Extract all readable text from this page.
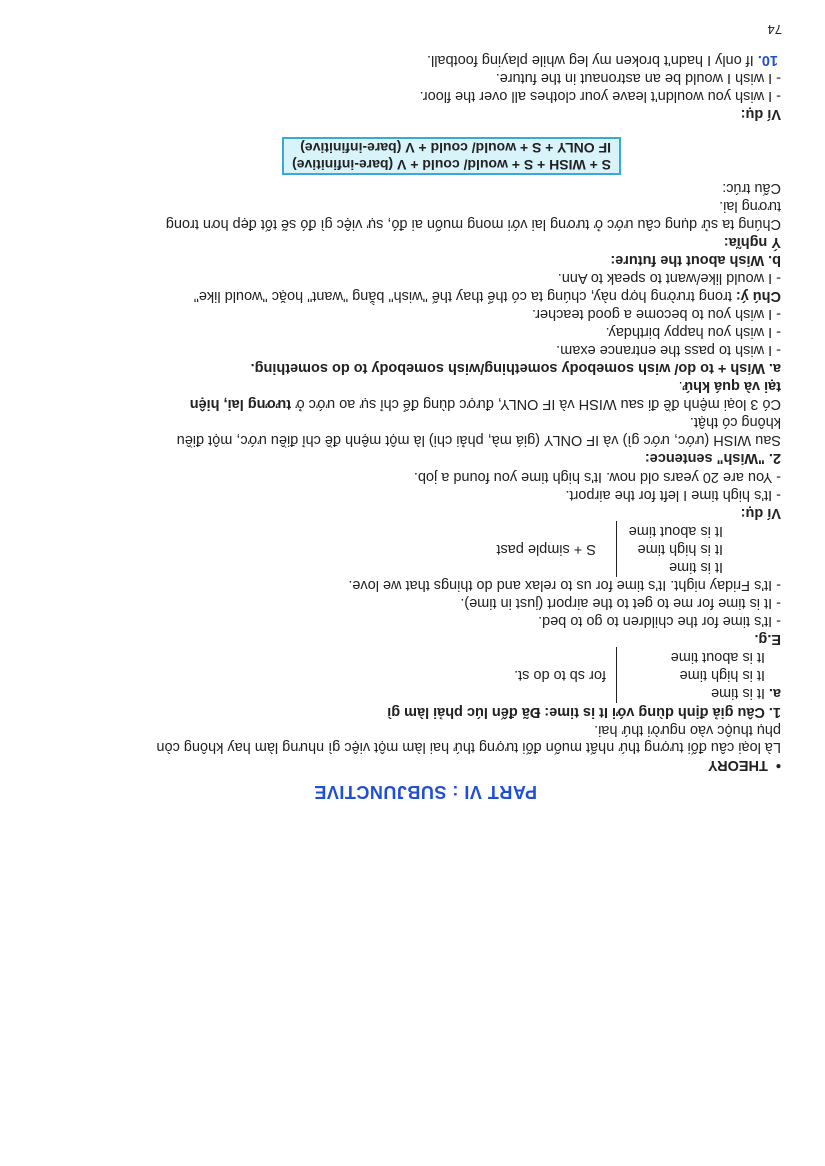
10. If only I hadn't broken my leg while playing football.
PART VI : SUBJUNCTIVE
•  THEORY
Là loại câu đối tượng thứ nhất muốn đối tượng thứ hai làm một việc gì nhưng làm hay không còn
phụ thuộc vào người thứ hai.
1. Câu giả định dùng với It is time: Đã đến lúc phải làm gì
a.
It is time
It is high time
It is about time
for sb to do st.
E.g.
- It's time for the children to go to bed.
- It is time for me to get to the airport (just in time).
- It's Friday night. It's time for us to relax and do things that we love.
It is time
It is high time
It is about time
S + simple past
Ví dụ:
- It's high time I left for the airport.
- You are 20 years old now. It's high time you found a job.
2. "Wish" sentence:
Sau WISH (ước, ước gì) và IF ONLY (giá mà, phải chi) là một mệnh đề chỉ điều ước, một điều
không có thật.
Có 3 loại mệnh đề đi sau WISH và IF ONLY, được dùng để chỉ sự ao ước ở tương lai, hiện
tại và quá khứ.
a. Wish + to do/ wish somebody something/wish somebody to do something.
- I wish to pass the entrance exam.
- I wish you happy birthday.
- I wish you to become a good teacher.
Chú ý: trong trường hợp này, chúng ta có thể thay thế "wish" bằng "want" hoặc "would like"
- I would like/want to speak to Ann.
b. Wish about the future:
Ý nghĩa:
Chúng ta sử dụng câu ước ở tương lai với mong muốn ai đó, sự việc gì đó sẽ tốt đẹp hơn trong
tương lai.
Cấu trúc:
S + WISH + S + would/ could + V (bare-infinitive)
IF ONLY + S + would/ could + V (bare-infinitive)
Ví dụ:
- I wish you wouldn't leave your clothes all over the floor.
- I wish I would be an astronaut in the future.
74
